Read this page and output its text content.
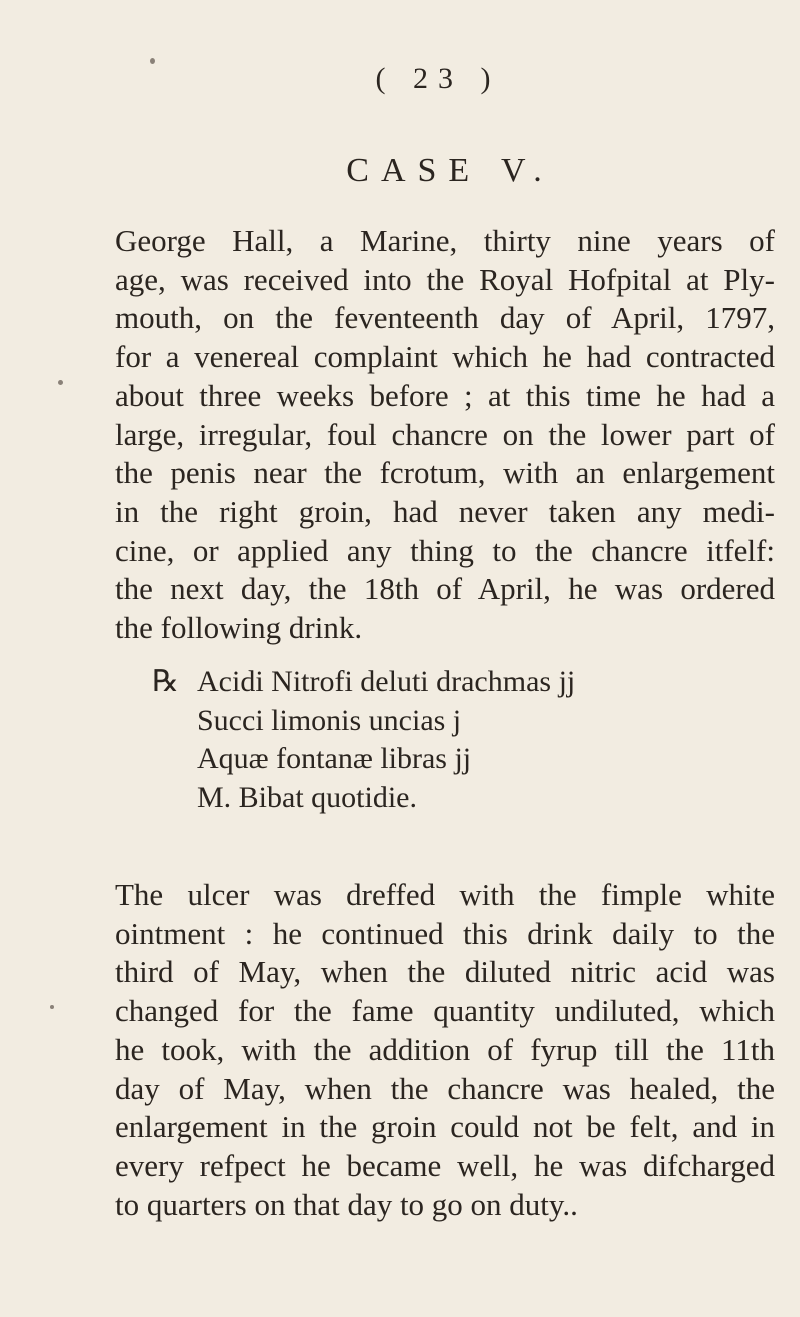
( 23 )
CASE V.
George Hall, a Marine, thirty nine years of
age, was received into the Royal Hofpital at Ply-
mouth, on the feventeenth day of April, 1797,
for a venereal complaint which he had contracted
about three weeks before ; at this time he had a
large, irregular, foul chancre on the lower part of
the penis near the fcrotum, with an enlargement
in the right groin, had never taken any medi-
cine, or applied any thing to the chancre itfelf:
the next day, the 18th of April, he was ordered
the following drink.
℞ Acidi Nitrofi deluti drachmas jj
Succi limonis uncias j
Aquæ fontanæ libras jj
M. Bibat quotidie.
The ulcer was dreffed with the fimple white
ointment : he continued this drink daily to the
third of May, when the diluted nitric acid was
changed for the fame quantity undiluted, which
he took, with the addition of fyrup till the 11th
day of May, when the chancre was healed, the
enlargement in the groin could not be felt, and in
every refpect he became well, he was difcharged
to quarters on that day to go on duty..
